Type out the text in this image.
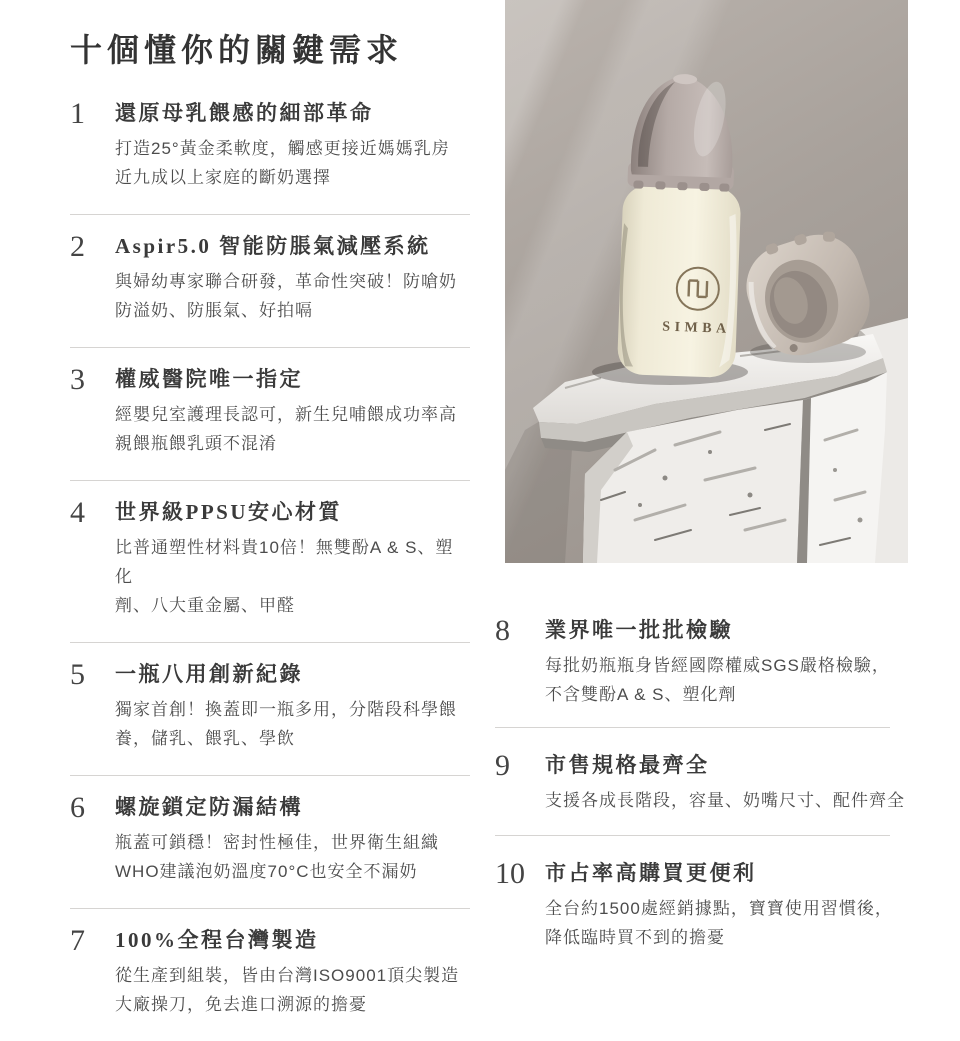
十個懂你的關鍵需求
1	還原母乳餵感的細部革命

打造25°黃金柔軟度，觸感更接近媽媽乳房
近九成以上家庭的斷奶選擇

2	Aspir5.0 智能防脹氣減壓系統

與婦幼專家聯合研發，革命性突破！防嗆奶
防溢奶、防脹氣、好拍嗝

3	權威醫院唯一指定

經嬰兒室護理長認可，新生兒哺餵成功率高
親餵瓶餵乳頭不混淆

4	世界級PPSU安心材質

比普通塑性材料貴10倍！無雙酚A & S、塑化
劑、八大重金屬、甲醛

5	一瓶八用創新紀錄

獨家首創！換蓋即一瓶多用，分階段科學餵
養，儲乳、餵乳、學飲

6	螺旋鎖定防漏結構

瓶蓋可鎖穩！密封性極佳，世界衛生組織
WHO建議泡奶溫度70°C也安全不漏奶

7	100%全程台灣製造

從生產到組裝，皆由台灣ISO9001頂尖製造
大廠操刀，免去進口溯源的擔憂

SIMBA
8	業界唯一批批檢驗

每批奶瓶瓶身皆經國際權威SGS嚴格檢驗，
不含雙酚A & S、塑化劑

9	市售規格最齊全

支援各成長階段，容量、奶嘴尺寸、配件齊全

10 市占率高購買更便利

全台約1500處經銷據點，寶寶使用習慣後，
降低臨時買不到的擔憂
